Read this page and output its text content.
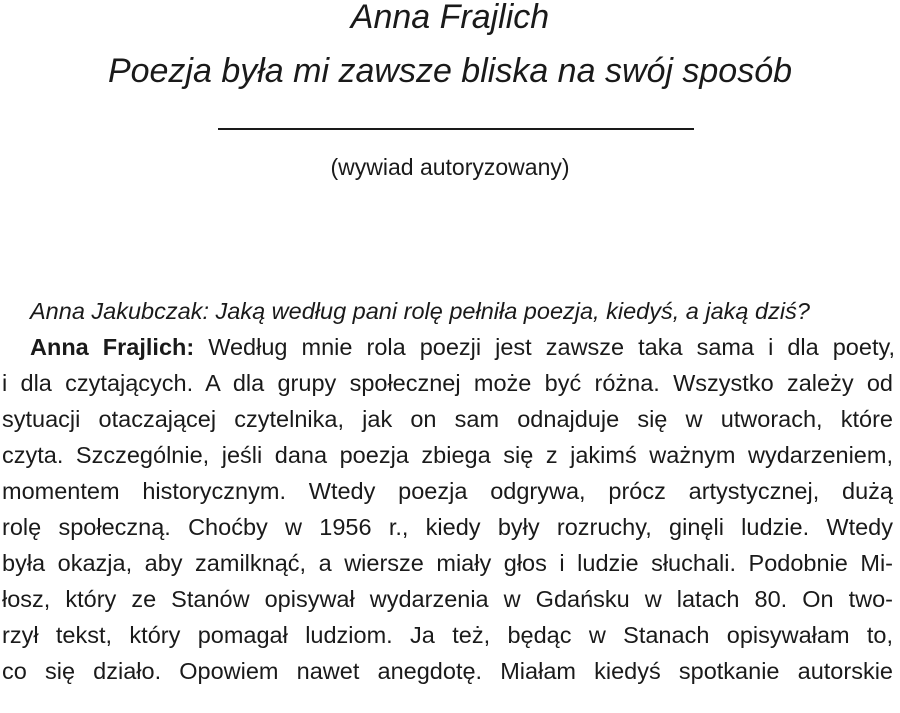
Anna Frajlich
Poezja była mi zawsze bliska na swój sposób
(wywiad autoryzowany)

Anna Jakubczak: Jaką według pani rolę pełniła poezja, kiedyś, a jaką dziś?

Anna Frajlich: Według mnie rola poezji jest zawsze taka sama i dla poety,
i dla czytających. A dla grupy społecznej może być różna. Wszystko zależy od
sytuacji otaczającej czytelnika, jak on sam odnajduje się w utworach, które
czyta. Szczególnie, jeśli dana poezja zbiega się z jakimś ważnym wydarzeniem,
momentem historycznym. Wtedy poezja odgrywa, prócz artystycznej, dużą
rolę społeczną. Choćby w 1956 r., kiedy były rozruchy, ginęli ludzie. Wtedy
była okazja, aby zamilknąć, a wiersze miały głos i ludzie słuchali. Podobnie Mi-
łosz, który ze Stanów opisywał wydarzenia w Gdańsku w latach 80. On two-
rzył tekst, który pomagał ludziom. Ja też, będąc w Stanach opisywałam to,
co się działo. Opowiem nawet anegdotę. Miałam kiedyś spotkanie autorskie
